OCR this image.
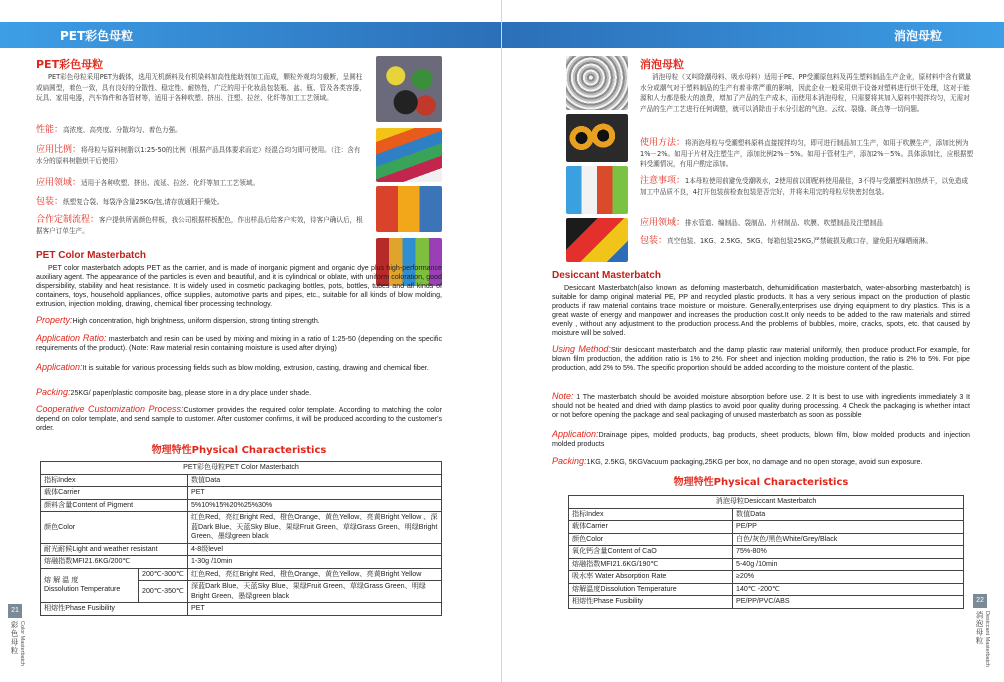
PET彩色母粒
PET彩色母粒
PET彩色母粒采用PET为载体，选用无机颜料及有机染料加高性能助剂加工而成，颗粒外观均匀截断，呈圆柱或扁圆型，着色一致，具有良好的分散性、稳定性、耐热性，广泛的用于化妆品包装瓶、盆、瓶、管及各类容器，玩具、家用电器，汽车饰件和各管材等，适用于各种吹塑、挤出、注塑、拉丝、化纤等加工工艺领域。
性能：高浓度、高亮度、分散均匀、着色力强。
应用比例：将母粒与原料树脂以1:25-50的比例（根据产品具体要求而定）经混合均匀即可使用。（注：含有水分的原料树脂烘干后使用）
应用领域：适用于各种吹塑、挤出、流延、拉丝、化纤等加工工艺领域。
包装：纸塑复合袋、每袋净含量25KG/包,请存放通阳干燥处。
合作定制流程：客户提供所需颜色样板，我公司根据样板配色，作出样品后给客户实效，待客户确认后，根据客户订单生产。
PET Color Masterbatch
PET color masterbatch adopts PET as the carrier, and is made of inorganic pigment and organic dye plus high-performance auxiliary agent. The appearance of the particles is even and beautiful, and it is cylindrical or oblate, with uniform coloration, good dispersibility, stability and heat resistance. It is widely used in cosmetic packaging bottles, pots, bottles, tubes and all kinds of containers, toys, household appliances, office supplies, automotive parts and pipes, etc., suitable for all kinds of blow molding, extrusion, injection molding, drawing, chemical fiber processing technology.
Property:High concentration, high brightness, uniform dispersion, strong tinting strength.
Application Ratio: masterbatch and resin can be used by mixing and mixing in a ratio of 1:25-50 (depending on the specific requirements of the product). (Note: Raw material resin containing moisture is used after drying)
Application:It is suitable for various processing fields such as blow molding, extrusion, casting, drawing and chemical fiber.
Packing:25KG/ paper/plastic composite bag, please store in a dry place under shade.
Cooperative Customization Process:Customer provides the required color template. According to matching the color depend on color template, and send sample to customer. After customer confirms, it will be produced according to the customer's order.
物理特性Physical Characteristics
PET彩色母粒PET Color Masterbatch		
指标Index		数值Data
载体Carrier		PET
颜料含量Content of Pigment		5%10%15%20%25%30%
颜色Color		红色Red、亮红Bright Red、橙色Orange、黄色Yellow、亮黄Bright Yellow 、深蓝Dark Blue、天蓝Sky Blue、果绿Fruit Green、草绿Grass Green、明绿Bright Green、墨绿green black
耐光耐候Light and weather resistant		4-8级level
熔融指数MFI21.6KG/200℃		1-30g /10min

熔 解 温 度
Dissolution Temperature	200℃-300℃	红色Red、亮红Bright Red、橙色Orange、黄色Yellow、亮黄Bright Yellow
	200℃-350℃	深蓝Dark Blue、天蓝Sky Blue、果绿Fruit Green、草绿Grass Green、明绿Bright Green、墨绿green black
相熔性Phase Fusibility		PET
21
彩色母粒 Color Masterbatch
消泡母粒
消泡母粒
消泡母粒（又叫除潮母料、吸水母料）适用于PE、PP受潮原包料及再生塑料制品生产企业，原材料中含有微量水分或潮气对于塑料制品的生产有着非常严重的影响，因此企业一般采用烘干设备对塑料进行烘干处理，这对于能源和人力都是极大的浪费，增加了产品的生产成本，而使用本消泡母粒，只需要将其加入原料中搅拌均匀，无需对产品的生产工艺进行任何调整，就可以消除由于水分引起的气泡、云纹、裂缝、斑点等一切问题。
使用方法：将消泡母粒与受潮塑料原料直接搅拌均匀，即可进行制品加工生产，如用于吹膜生产，添加比例为1%－2%。如用于片材及注塑生产，添加比例2%－5%。如用于管材生产，添加2%－5%。具体添加比，应根据塑料受潮情况，有用户酌定添加。
注意事项：1本母粒使用前避免受潮吸水，2使用前以即配料使用最佳，3不得与受潮塑料加热烘干，以免造成加工中品质不良，4打开包装前检查包装是否完好，并将未用完的母粒尽快密封包装。
应用领域：排水管道、编制品、袋制品、片材制品、吹膜、吹塑制品及注塑制品
包装：真空包装、1KG、2.5KG、5KG、每箱包装25KG,严禁破损及敞口存，避免阳光曝晒雨淋。
Desiccant Masterbatch
Desiccant Masterbatch(also known as defoming masterbatch, dehumidification masterbatch, water-absorbing masterbatch) is suitable for damp original material PE, PP and recycled plastic products. It has a very serious impact on the production of plastic products if raw material contains trace moisture or moisture. Generally,enterprises use drying equipment to dry plastics. This is a great waste of energy and manpower and increases the production cost.It only needs to be added to the raw materials and stirred evenly , without any adjustment to the production process.And the problems of bubbles, moire, cracks, spots, etc. that caused by moisture will be solved.
Using Method:Stir desiccant masterbatch and the damp plastic raw material uniformly, then produce product.For example, for blown film production, the addition ratio is 1% to 2%. For sheet and injection molding production, the ratio is 2% to 5%. For pipe production, add 2% to 5%. The specific proportion should be added according to the moisture content of the plastic.
Note: 1 The masterbatch should be avoided moisture absorption before use. 2 It is best to use with ingredients immediately 3 It should not be heated and dried with damp plastics to avoid poor quality during processing. 4 Check the packaging is whether intact or not before opening the package and seal packaging of unused masterbatch as soon as possible
Application:Drainage pipes, molded products, bag products, sheet products, blown film, blow molded products and injection molded products
Packing:1KG, 2.5KG, 5KGVacuum packaging,25KG per box, no damage and no open storage, avoid sun exposure.
物理特性Physical Characteristics
消泡母粒Desiccant Masterbatch	
指标Index	数值Data
载体Carrier	PE/PP
颜色Color	白色/灰色/黑色White/Grey/Black
氧化钙含量Content of CaO	75%-80%
熔融指数MFI21.6KG/190℃	5-40g /10min
吸水率 Water Absorption Rate	≥20%
熔解温度Dissolution Temperature	140℃ -200℃
相熔性Phase Fusibility	PE/PP/PVC/ABS	22
消泡母粒 Desiccant Masterbatch
